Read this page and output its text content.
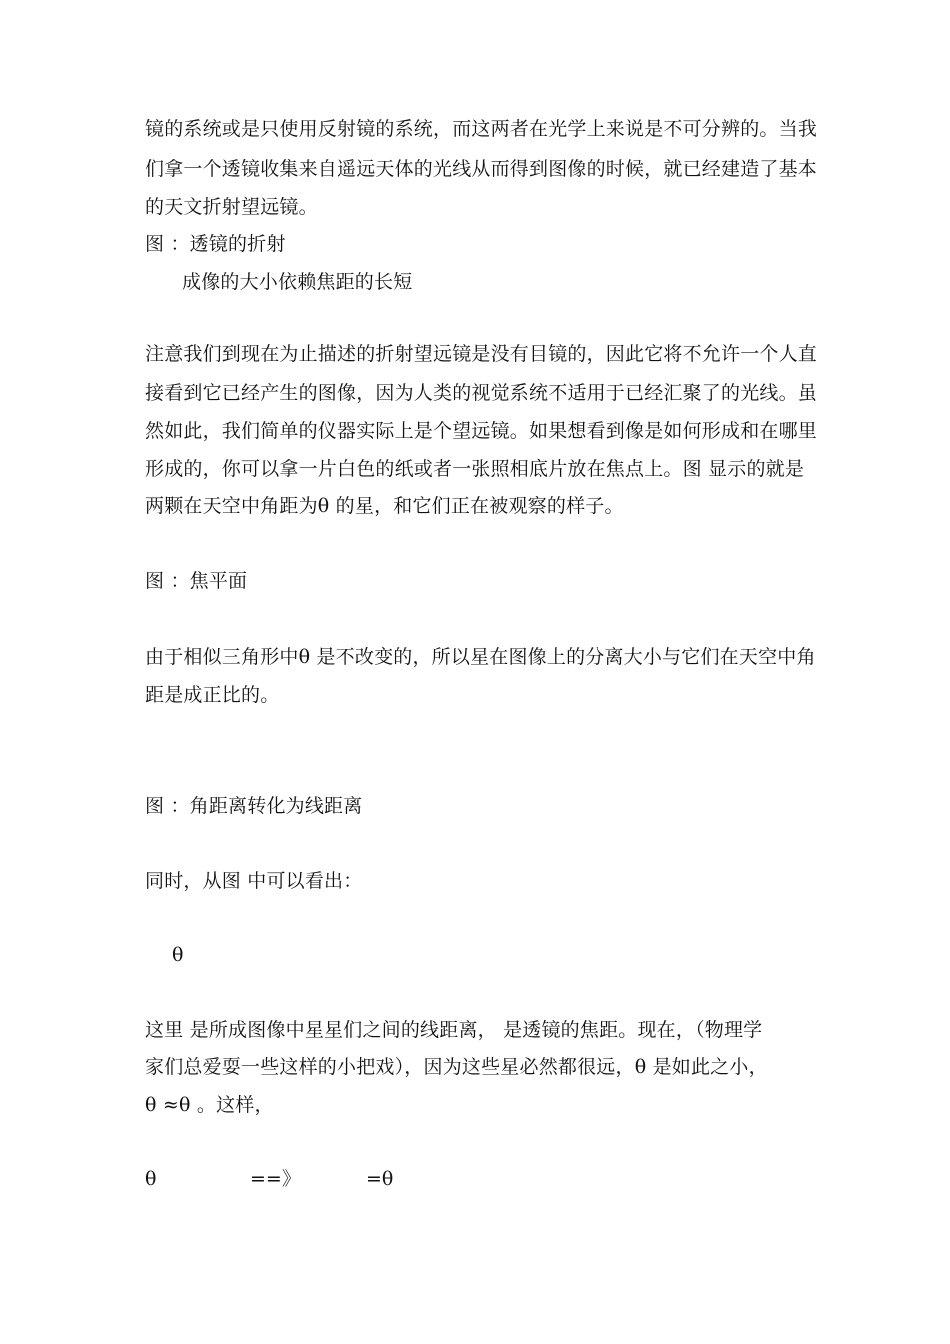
镜的系统或是只使用反射镜的系统，而这两者在光学上来说是不可分辨的。当我
们拿一个透镜收集来自遥远天体的光线从而得到图像的时候，就已经建造了基本
的天文折射望远镜。
图 ：透镜的折射
成像的大小依赖焦距的长短
注意我们到现在为止描述的折射望远镜是没有目镜的，因此它将不允许一个人直
接看到它已经产生的图像，因为人类的视觉系统不适用于已经汇聚了的光线。虽
然如此，我们简单的仪器实际上是个望远镜。如果想看到像是如何形成和在哪里
形成的，你可以拿一片白色的纸或者一张照相底片放在焦点上。图 显示的就是
两颗在天空中角距为θ 的星，和它们正在被观察的样子。
图 ：焦平面
由于相似三角形中θ 是不改变的，所以星在图像上的分离大小与它们在天空中角
距是成正比的。
图 ：角距离转化为线距离
同时，从图 中可以看出：
θ
这里 是所成图像中星星们之间的线距离， 是透镜的焦距。现在，（物理学
家们总爱耍一些这样的小把戏），因为这些星必然都很远，θ 是如此之小，
θ ≈θ 。这样，
θ	==》	=θ
